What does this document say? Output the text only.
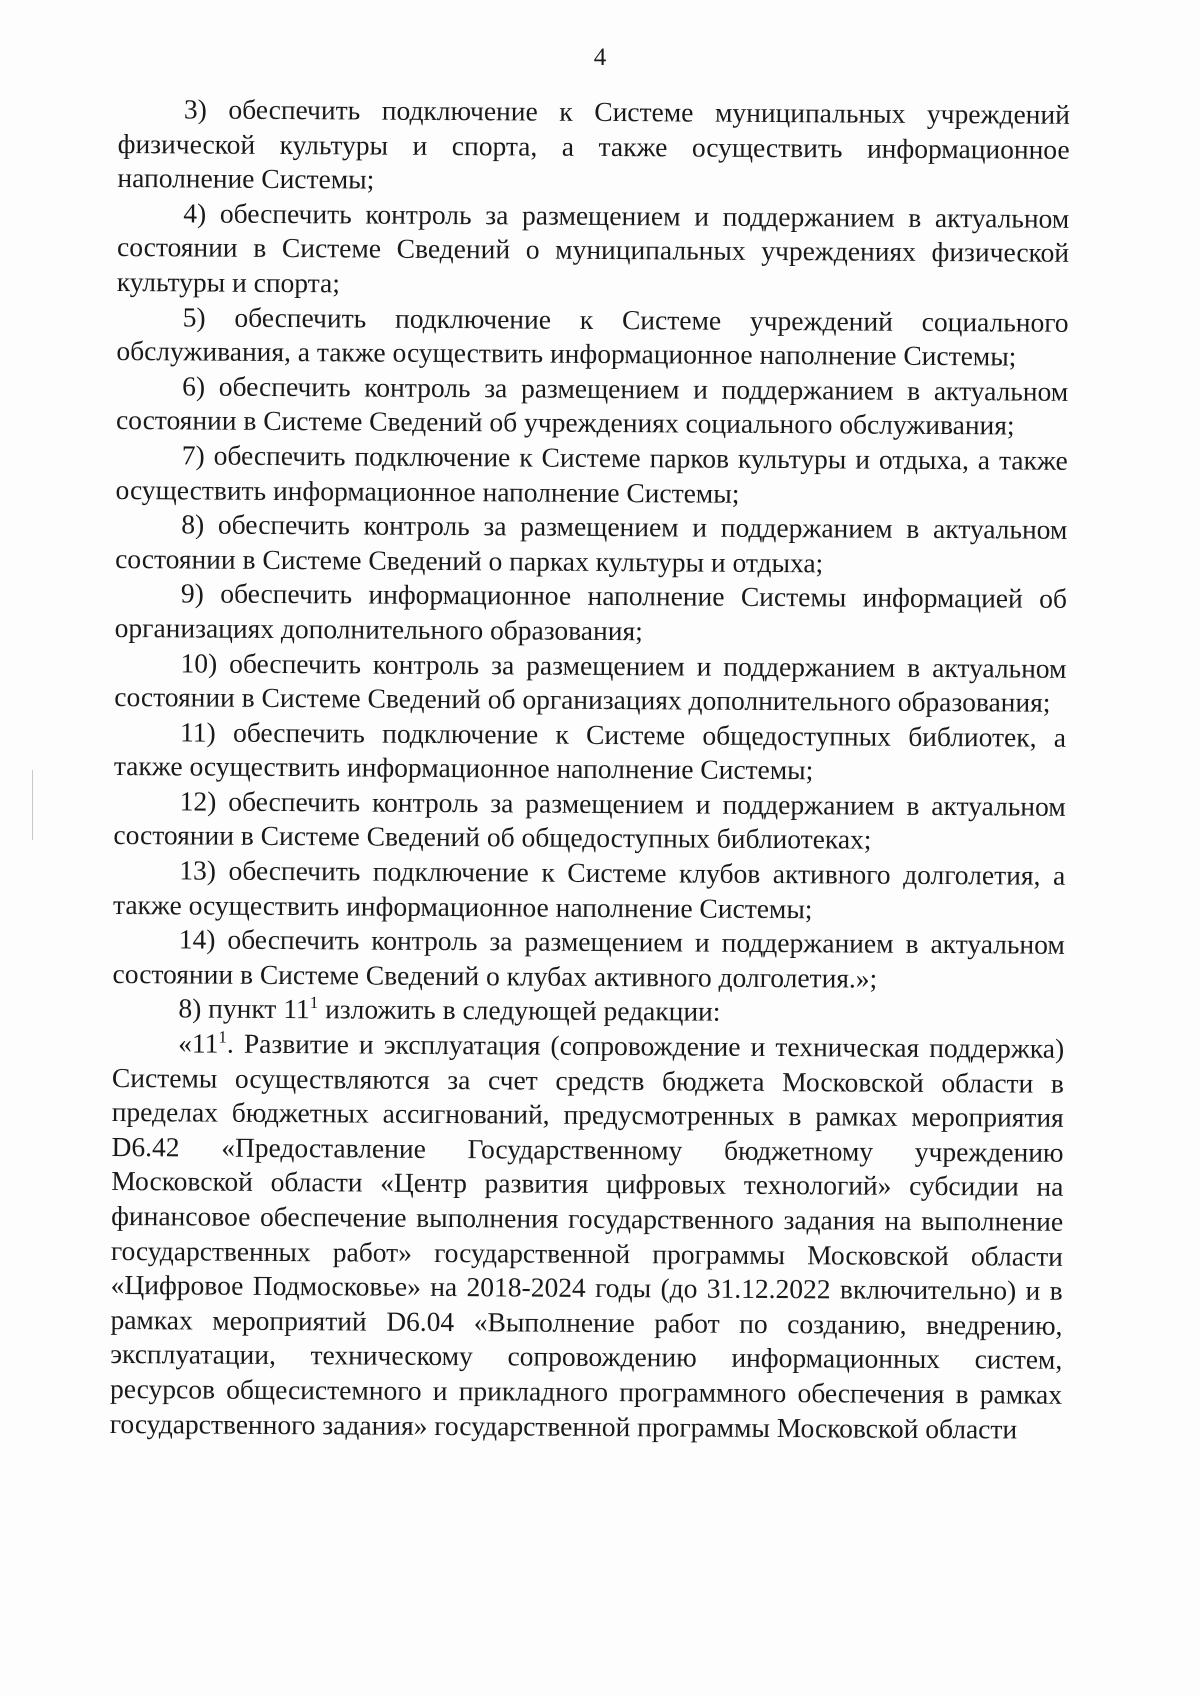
4

3) обеспечить подключение к Системе муниципальных учреждений физической культуры и спорта, а также осуществить информационное наполнение Системы;

4) обеспечить контроль за размещением и поддержанием в актуальном состоянии в Системе Сведений о муниципальных учреждениях физической культуры и спорта;

5) обеспечить подключение к Системе учреждений социального обслуживания, а также осуществить информационное наполнение Системы;

6) обеспечить контроль за размещением и поддержанием в актуальном состоянии в Системе Сведений об учреждениях социального обслуживания;

7) обеспечить подключение к Системе парков культуры и отдыха, а также осуществить информационное наполнение Системы;

8) обеспечить контроль за размещением и поддержанием в актуальном состоянии в Системе Сведений о парках культуры и отдыха;

9) обеспечить информационное наполнение Системы информацией об организациях дополнительного образования;

10) обеспечить контроль за размещением и поддержанием в актуальном состоянии в Системе Сведений об организациях дополнительного образования;

11) обеспечить подключение к Системе общедоступных библиотек, а также осуществить информационное наполнение Системы;

12) обеспечить контроль за размещением и поддержанием в актуальном состоянии в Системе Сведений об общедоступных библиотеках;

13) обеспечить подключение к Системе клубов активного долголетия, а также осуществить информационное наполнение Системы;

14) обеспечить контроль за размещением и поддержанием в актуальном состоянии в Системе Сведений о клубах активного долголетия.»;

8) пункт $11^1$ изложить в следующей редакции:

«$11^1$. Развитие и эксплуатация (сопровождение и техническая поддержка) Системы осуществляются за счет средств бюджета Московской области в пределах бюджетных ассигнований, предусмотренных в рамках мероприятия D6.42 «Предоставление Государственному бюджетному учреждению Московской области «Центр развития цифровых технологий» субсидии на финансовое обеспечение выполнения государственного задания на выполнение государственных работ» государственной программы Московской области «Цифровое Подмосковье» на 2018-2024 годы (до 31.12.2022 включительно) и в рамках мероприятий D6.04 «Выполнение работ по созданию, внедрению, эксплуатации, техническому сопровождению информационных систем, ресурсов общесистемного и прикладного программного обеспечения в рамках государственного задания» государственной программы Московской области
